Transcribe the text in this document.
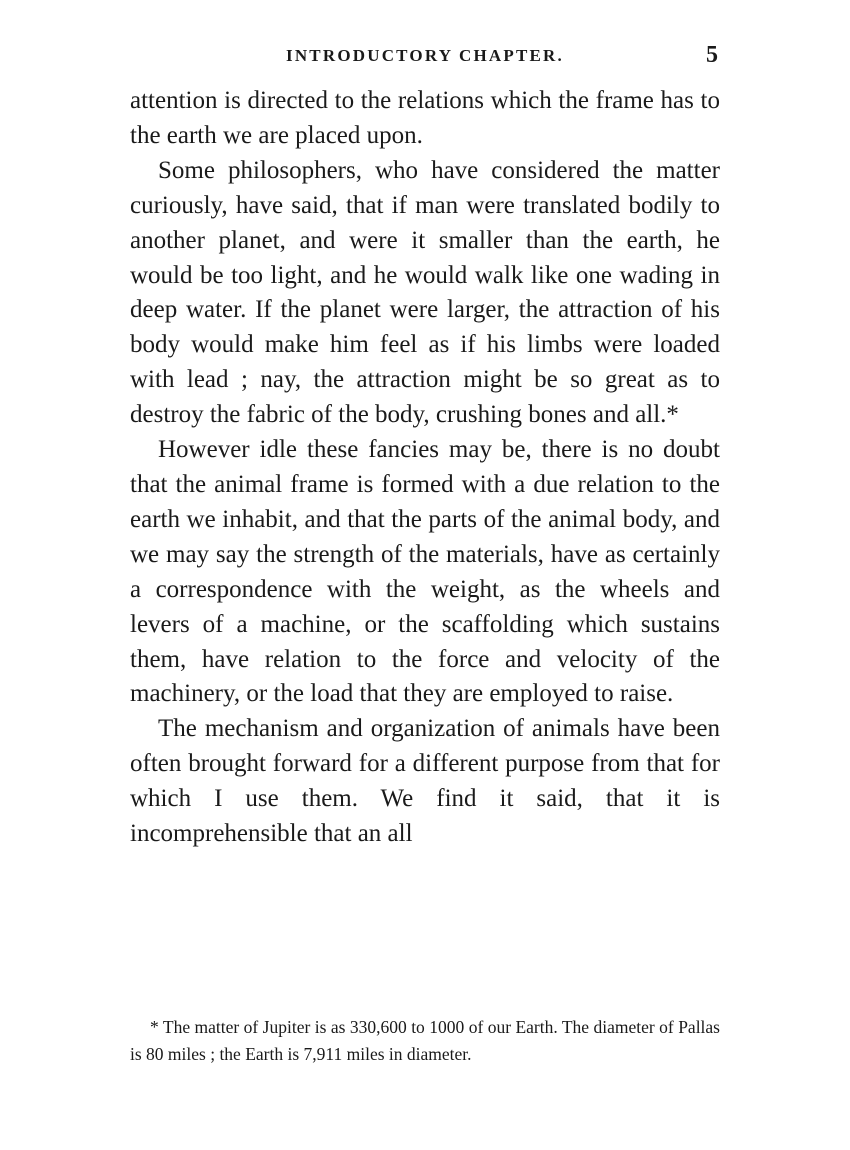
INTRODUCTORY CHAPTER.	5

attention is directed to the relations which the frame has to the earth we are placed upon.

Some philosophers, who have considered the matter curiously, have said, that if man were translated bodily to another planet, and were it smaller than the earth, he would be too light, and he would walk like one wading in deep water. If the planet were larger, the attraction of his body would make him feel as if his limbs were loaded with lead ; nay, the attraction might be so great as to destroy the fabric of the body, crushing bones and all.*

However idle these fancies may be, there is no doubt that the animal frame is formed with a due relation to the earth we inhabit, and that the parts of the animal body, and we may say the strength of the materials, have as certainly a correspondence with the weight, as the wheels and levers of a machine, or the scaffolding which sustains them, have relation to the force and velocity of the machinery, or the load that they are employed to raise.

The mechanism and organization of animals have been often brought forward for a different purpose from that for which I use them. We find it said, that it is incomprehensible that an all

* The matter of Jupiter is as 330,600 to 1000 of our Earth. The diameter of Pallas is 80 miles ; the Earth is 7,911 miles in diameter.
